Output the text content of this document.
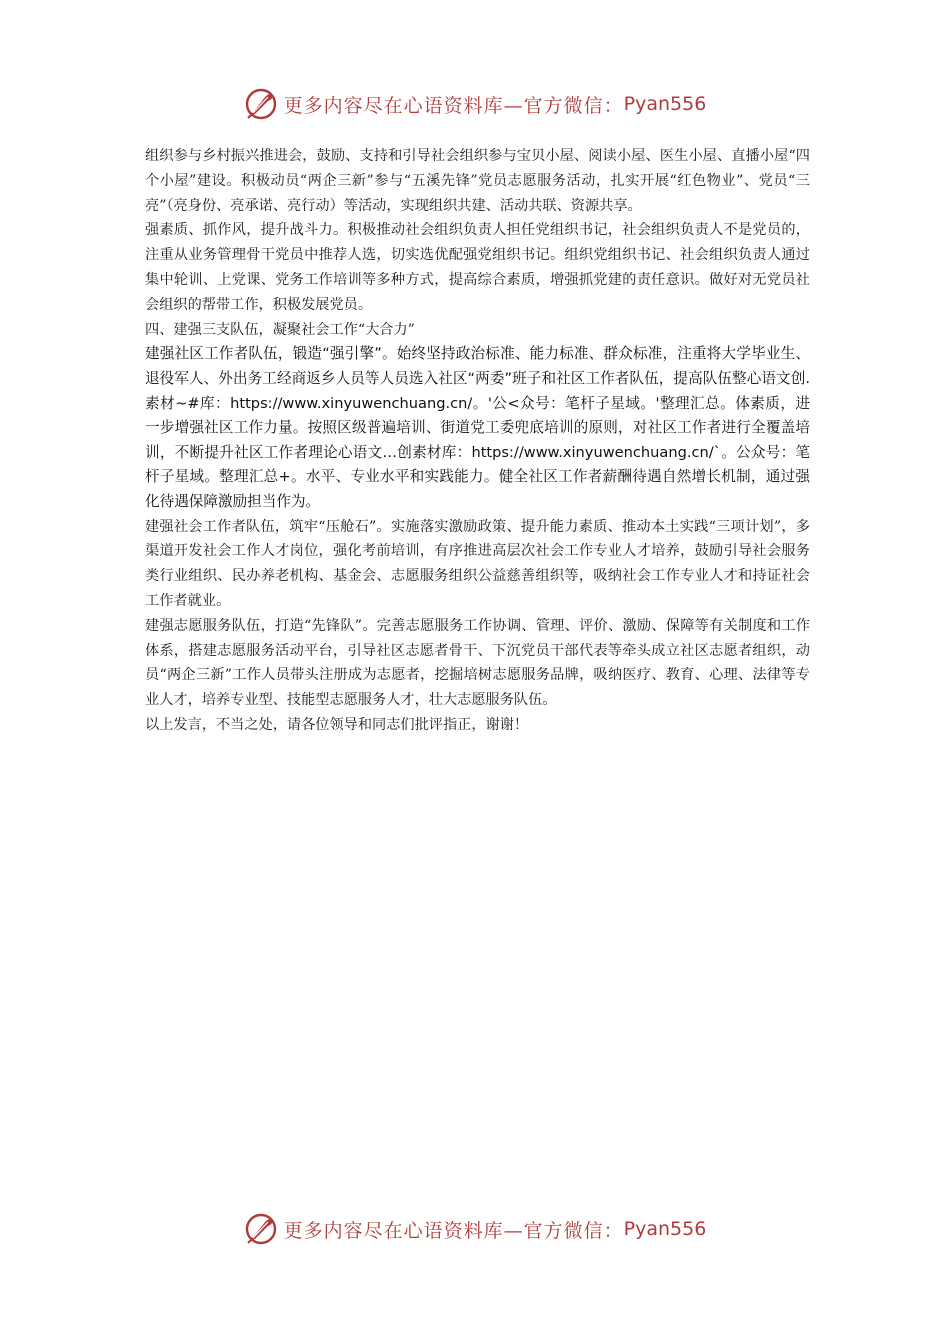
更多内容尽在心语资料库—官方微信： Pyan556

组织参与乡村振兴推进会，鼓励、支持和引导社会组织参与宝贝小屋、阅读小屋、医生小屋、直播小屋“四个小屋”建设。积极动员“两企三新”参与“五溪先锋”党员志愿服务活动，扎实开展“红色物业”、党员“三亮”（亮身份、亮承诺、亮行动）等活动，实现组织共建、活动共联、资源共享。

强素质、抓作风，提升战斗力。积极推动社会组织负责人担任党组织书记，社会组织负责人不是党员的，注重从业务管理骨干党员中推荐人选，切实选优配强党组织书记。组织党组织书记、社会组织负责人通过集中轮训、上党课、党务工作培训等多种方式，提高综合素质，增强抓党建的责任意识。做好对无党员社会组织的帮带工作，积极发展党员。

四、建强三支队伍，凝聚社会工作“大合力”

建强社区工作者队伍，锻造“强引擎”。始终坚持政治标准、能力标准、群众标准，注重将大学毕业生、退役军人、外出务工经商返乡人员等人员选入社区“两委”班子和社区工作者队伍，提高队伍整心语文创.素材~#库：https://www.xinyuwenchuang.cn/。'公<众号：笔杆子星域。'整理汇总。体素质，进一步增强社区工作力量。按照区级普遍培训、街道党工委兜底培训的原则，对社区工作者进行全覆盖培训，不断提升社区工作者理论心语文…创素材库：https://www.xinyuwenchuang.cn/`。公众号：笔杆子星域。整理汇总+。水平、专业水平和实践能力。健全社区工作者薪酬待遇自然增长机制，通过强化待遇保障激励担当作为。

建强社会工作者队伍，筑牢“压舱石”。实施落实激励政策、提升能力素质、推动本土实践“三项计划”，多渠道开发社会工作人才岗位，强化考前培训，有序推进高层次社会工作专业人才培养，鼓励引导社会服务类行业组织、民办养老机构、基金会、志愿服务组织公益慈善组织等，吸纳社会工作专业人才和持证社会工作者就业。

建强志愿服务队伍，打造“先锋队”。完善志愿服务工作协调、管理、评价、激励、保障等有关制度和工作体系，搭建志愿服务活动平台，引导社区志愿者骨干、下沉党员干部代表等牵头成立社区志愿者组织，动员“两企三新”工作人员带头注册成为志愿者，挖掘培树志愿服务品牌，吸纳医疗、教育、心理、法律等专业人才，培养专业型、技能型志愿服务人才，壮大志愿服务队伍。

以上发言，不当之处，请各位领导和同志们批评指正，谢谢！

更多内容尽在心语资料库—官方微信： Pyan556
